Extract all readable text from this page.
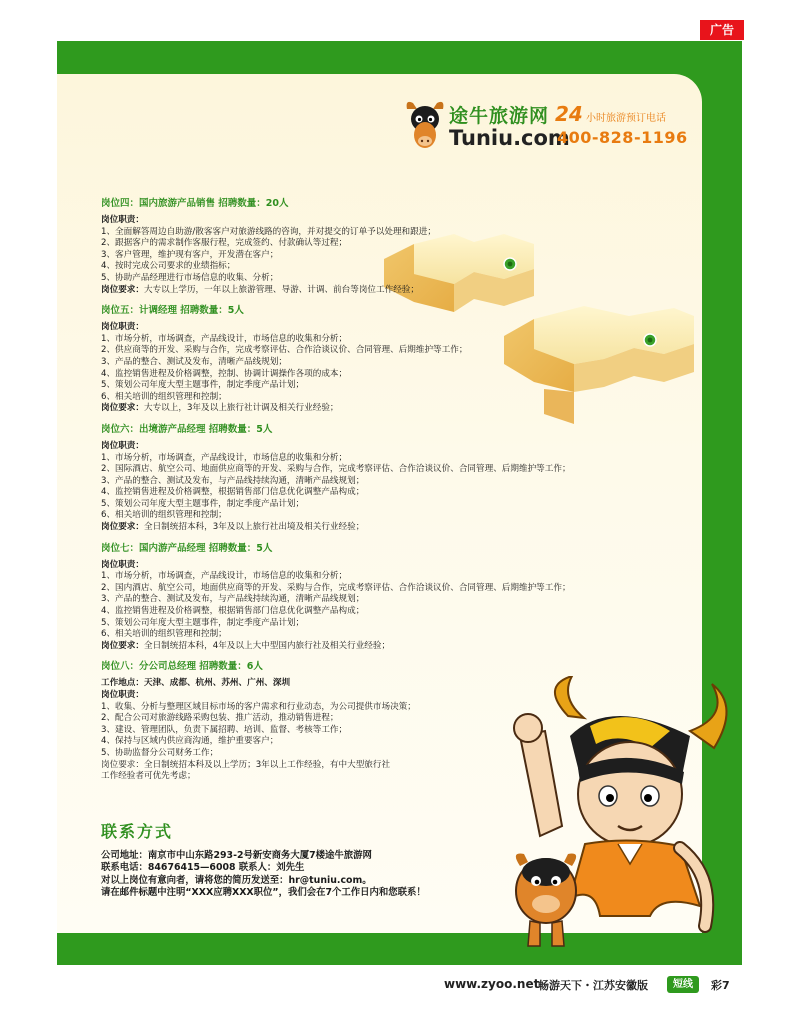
广告
途牛旅游网
Tuniu.com
24 小时旅游预订电话
400-828-1196
岗位四：国内旅游产品销售 招聘数量：20人
岗位职责：
1、全面解答周边自助游/散客客户对旅游线路的咨询，并对提交的订单予以处理和跟进；
2、跟据客户的需求制作客服行程，完成签约、付款确认等过程；
3、客户管理，维护现有客户，开发潜在客户；
4、按时完成公司要求的业绩指标；
5、协助产品经理进行市场信息的收集、分析；
岗位要求：大专以上学历，一年以上旅游管理、导游、计调、前台等岗位工作经验；
岗位五：计调经理 招聘数量：5人
岗位职责：
1、市场分析，市场调查，产品线设计，市场信息的收集和分析；
2、供应商等的开发、采购与合作，完成考察评估、合作洽谈议价、合同管理、后期维护等工作；
3、产品的整合、测试及发布，清晰产品线规划；
4、监控销售进程及价格调整，控制、协调计调操作各项的成本；
5、策划公司年度大型主题事件，制定季度产品计划；
6、相关培训的组织管理和控制；
岗位要求：大专以上，3年及以上旅行社计调及相关行业经验；
岗位六：出境游产品经理 招聘数量：5人
岗位职责：
1、市场分析，市场调查，产品线设计，市场信息的收集和分析；
2、国际酒店、航空公司、地面供应商等的开发、采购与合作，完成考察评估、合作洽谈议价、合同管理、后期维护等工作；
3、产品的整合、测试及发布，与产品线持续沟通，清晰产品线规划；
4、监控销售进程及价格调整，根据销售部门信息优化调整产品构成；
5、策划公司年度大型主题事件，制定季度产品计划；
6、相关培训的组织管理和控制；
岗位要求：全日制统招本科，3年及以上旅行社出境及相关行业经验；
岗位七：国内游产品经理 招聘数量：5人
岗位职责：
1、市场分析，市场调查，产品线设计，市场信息的收集和分析；
2、国内酒店、航空公司，地面供应商等的开发、采购与合作，完成考察评估、合作洽谈议价、合同管理、后期维护等工作；
3、产品的整合、测试及发布，与产品线持续沟通，清晰产品线规划；
4、监控销售进程及价格调整，根据销售部门信息优化调整产品构成；
5、策划公司年度大型主题事件，制定季度产品计划；
6、相关培训的组织管理和控制；
岗位要求：全日制统招本科，4年及以上大中型国内旅行社及相关行业经验；
岗位八：分公司总经理 招聘数量：6人
工作地点：天津、成都、杭州、苏州、广州、深圳
岗位职责：
1、收集、分析与整理区域目标市场的客户需求和行业动态，为公司提供市场决策；
2、配合公司对旅游线路采购包装、推广活动，推动销售进程；
3、建设、管理团队，负责下属招聘、培训、监督、考核等工作；
4、保持与区域内供应商沟通，维护重要客户；
5、协助监督分公司财务工作；
岗位要求：全日制统招本科及以上学历；3年以上工作经验，有中大型旅行社
工作经验者可优先考虑；
联系方式
公司地址：南京市中山东路293-2号新安商务大厦7楼途牛旅游网
联系电话：84676415—6008 联系人：刘先生
对以上岗位有意向者，请将您的简历发送至：hr@tuniu.com。
请在邮件标题中注明“XXX应聘XXX职位”，我们会在7个工作日内和您联系！
www.zyoo.net
畅游天下・江苏安徽版	短线	彩7
